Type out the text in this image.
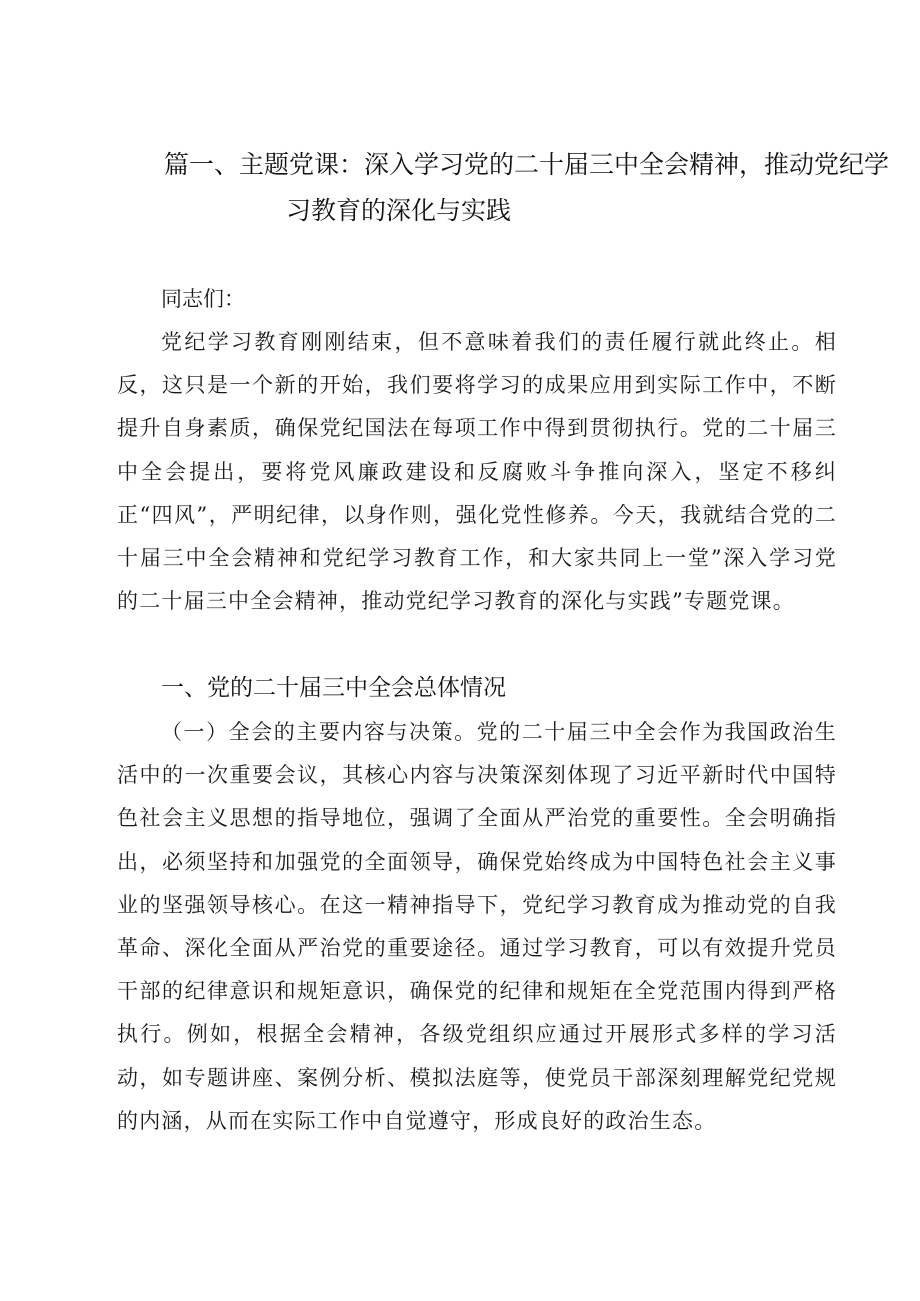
篇一、主题党课：深入学习党的二十届三中全会精神，推动党纪学
习教育的深化与实践

同志们：

党纪学习教育刚刚结束，但不意味着我们的责任履行就此终止。相反，这只是一个新的开始，我们要将学习的成果应用到实际工作中，不断提升自身素质，确保党纪国法在每项工作中得到贯彻执行。党的二十届三中全会提出，要将党风廉政建设和反腐败斗争推向深入，坚定不移纠正“四风”，严明纪律，以身作则，强化党性修养。今天，我就结合党的二十届三中全会精神和党纪学习教育工作，和大家共同上一堂”深入学习党的二十届三中全会精神，推动党纪学习教育的深化与实践”专题党课。

一、党的二十届三中全会总体情况

（一）全会的主要内容与决策。党的二十届三中全会作为我国政治生活中的一次重要会议，其核心内容与决策深刻体现了习近平新时代中国特色社会主义思想的指导地位，强调了全面从严治党的重要性。全会明确指出，必须坚持和加强党的全面领导，确保党始终成为中国特色社会主义事业的坚强领导核心。在这一精神指导下，党纪学习教育成为推动党的自我革命、深化全面从严治党的重要途径。通过学习教育，可以有效提升党员干部的纪律意识和规矩意识，确保党的纪律和规矩在全党范围内得到严格执行。例如，根据全会精神，各级党组织应通过开展形式多样的学习活动，如专题讲座、案例分析、模拟法庭等，使党员干部深刻理解党纪党规的内涵，从而在实际工作中自觉遵守，形成良好的政治生态。
